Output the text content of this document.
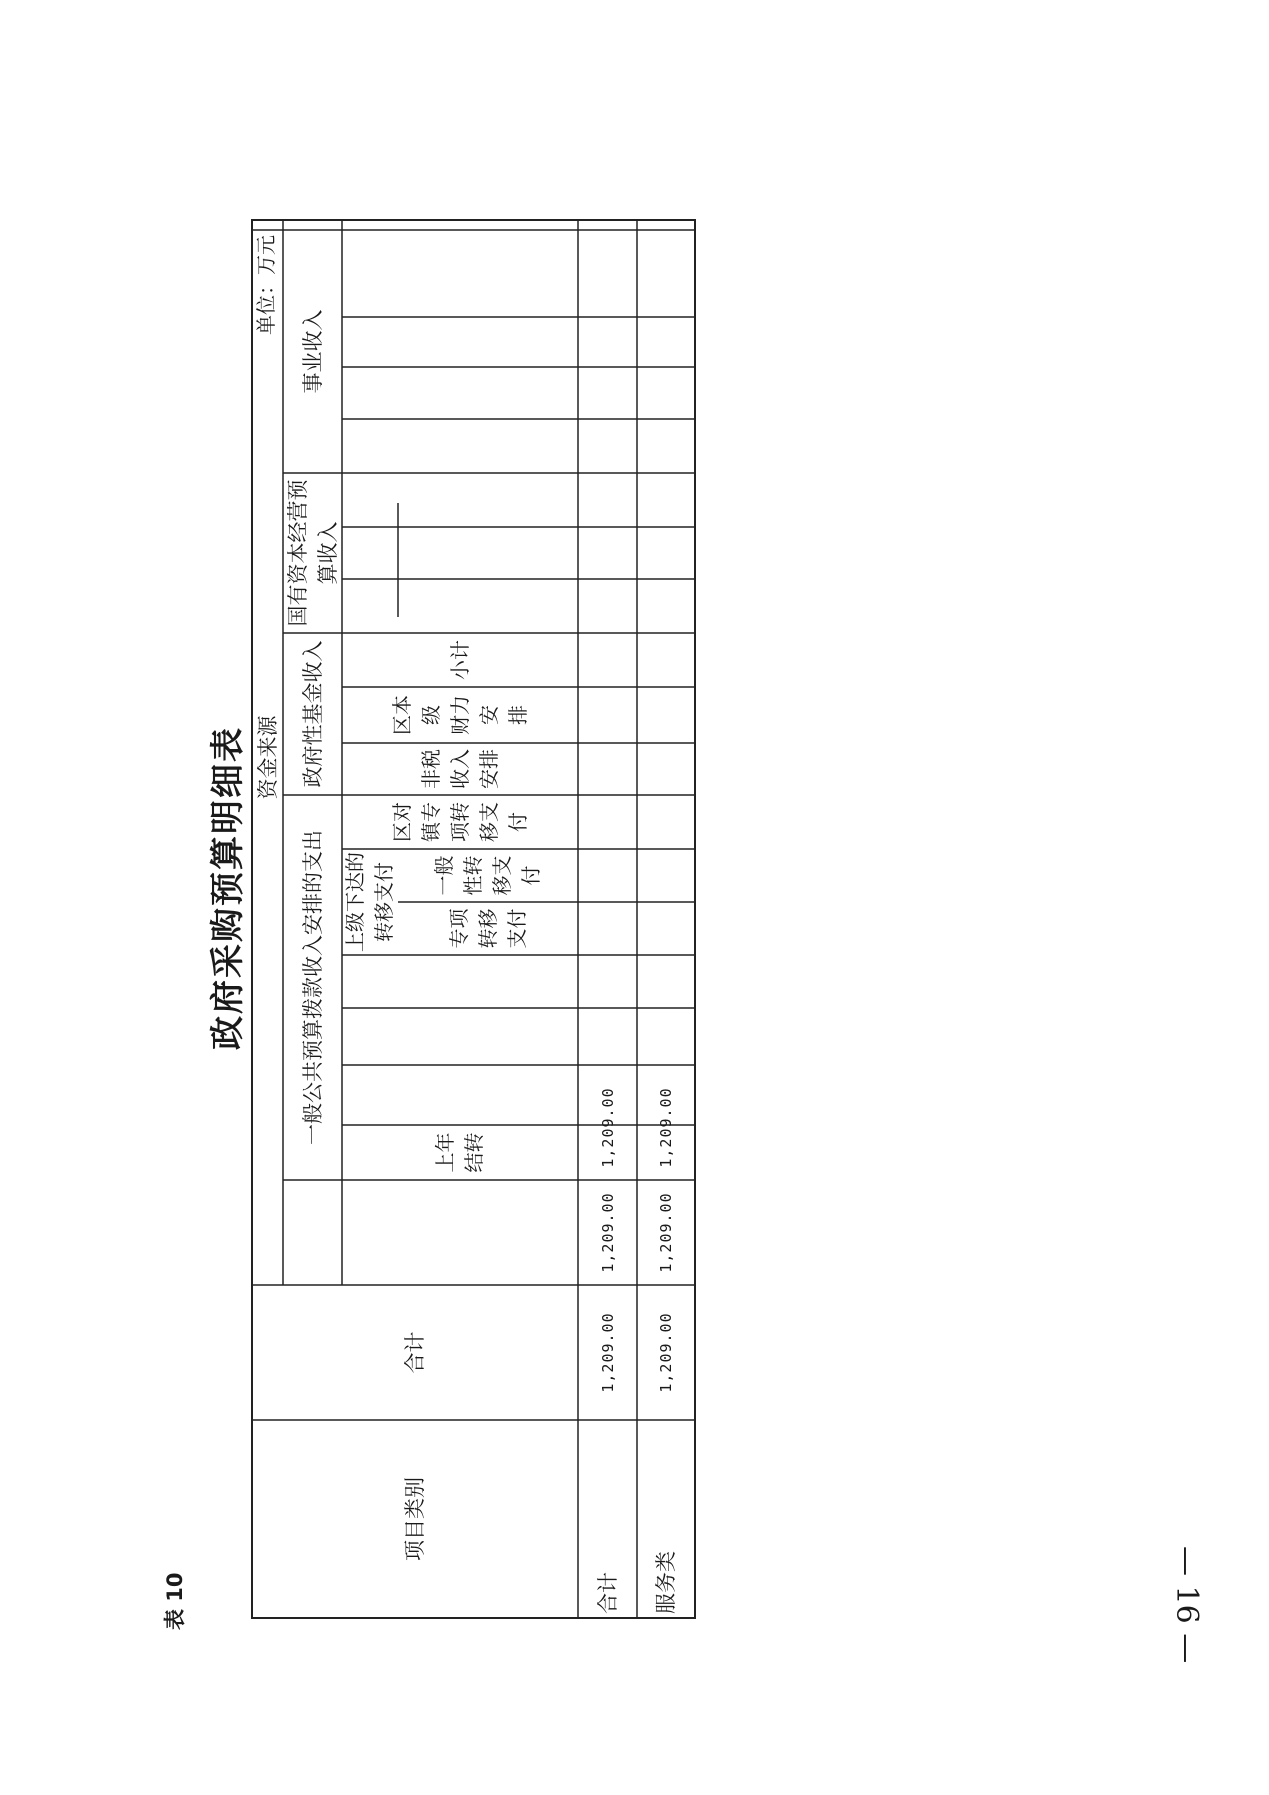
— 16 —
表 10
政府采购预算明细表
单位：万元
项目类别
合计
资金来源
一般公共预算拨款收入安排的支出
政府性基金收入
国有资本经营预算收入
事业收入
上年
结转
上级下达的
转移支付	专项
转移
支付
一般
性转
移支
付
区对
镇专
项转
移支
付
非税
收入
安排
区本级
财力安
排
小计
合计
1,209.00
1,209.00
1,209.00
服务类
1,209.00
1,209.00
1,209.00
